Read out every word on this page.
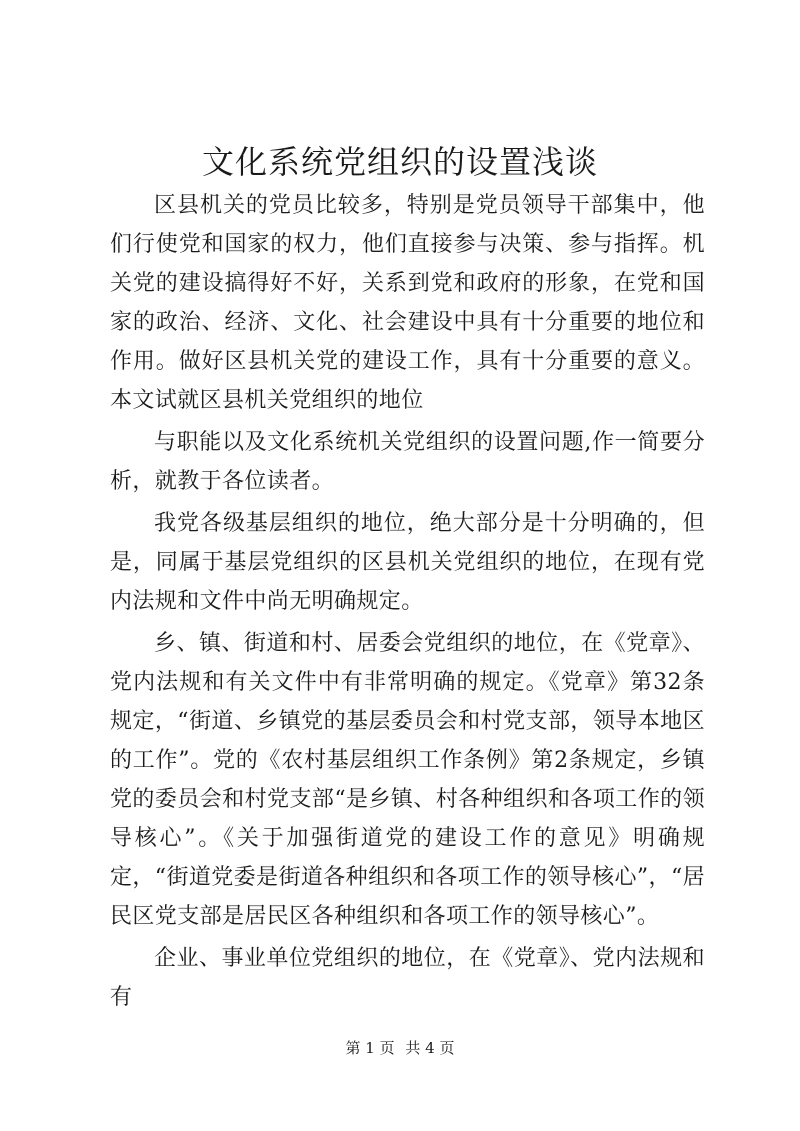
文化系统党组织的设置浅谈

区县机关的党员比较多，特别是党员领导干部集中，他们行使党和国家的权力，他们直接参与决策、参与指挥。机关党的建设搞得好不好，关系到党和政府的形象，在党和国家的政治、经济、文化、社会建设中具有十分重要的地位和作用。做好区县机关党的建设工作，具有十分重要的意义。本文试就区县机关党组织的地位

与职能以及文化系统机关党组织的设置问题,作一简要分析，就教于各位读者。

我党各级基层组织的地位，绝大部分是十分明确的，但是，同属于基层党组织的区县机关党组织的地位，在现有党内法规和文件中尚无明确规定。

乡、镇、街道和村、居委会党组织的地位，在《党章》、党内法规和有关文件中有非常明确的规定。《党章》第32条规定，“街道、乡镇党的基层委员会和村党支部，领导本地区的工作”。党的《农村基层组织工作条例》第2条规定，乡镇党的委员会和村党支部“是乡镇、村各种组织和各项工作的领导核心”。《关于加强街道党的建设工作的意见》明确规定，“街道党委是街道各种组织和各项工作的领导核心”，“居民区党支部是居民区各种组织和各项工作的领导核心”。

企业、事业单位党组织的地位，在《党章》、党内法规和有

第 1 页 共 4 页
